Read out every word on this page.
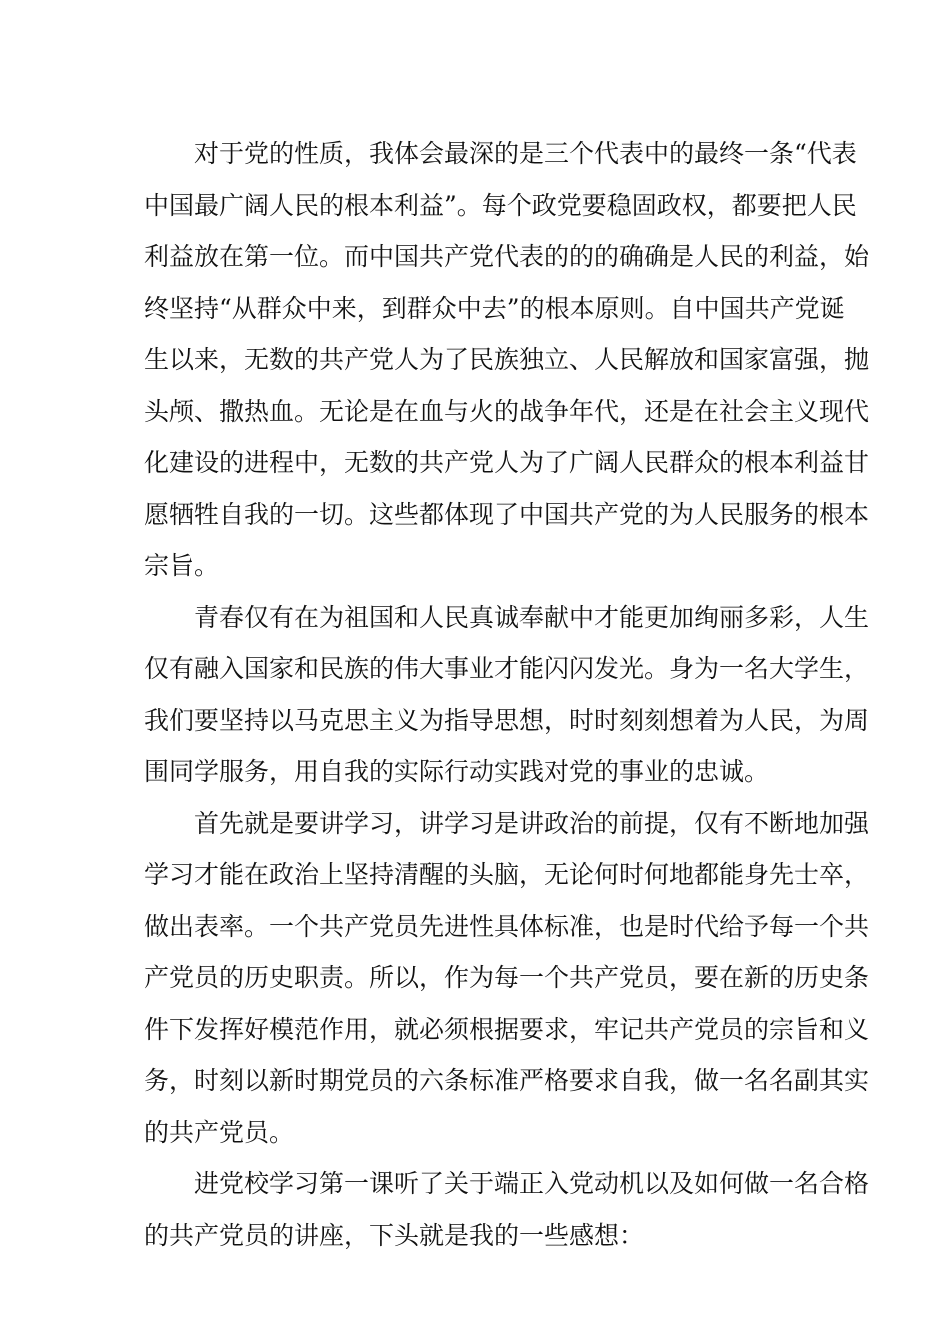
对于党的性质，我体会最深的是三个代表中的最终一条“代表
中国最广阔人民的根本利益”。每个政党要稳固政权，都要把人民
利益放在第一位。而中国共产党代表的的的确确是人民的利益，始
终坚持“从群众中来，到群众中去”的根本原则。自中国共产党诞
生以来，无数的共产党人为了民族独立、人民解放和国家富强，抛
头颅、撒热血。无论是在血与火的战争年代，还是在社会主义现代
化建设的进程中，无数的共产党人为了广阔人民群众的根本利益甘
愿牺牲自我的一切。这些都体现了中国共产党的为人民服务的根本
宗旨。
青春仅有在为祖国和人民真诚奉献中才能更加绚丽多彩，人生
仅有融入国家和民族的伟大事业才能闪闪发光。身为一名大学生，
我们要坚持以马克思主义为指导思想，时时刻刻想着为人民，为周
围同学服务，用自我的实际行动实践对党的事业的忠诚。
首先就是要讲学习，讲学习是讲政治的前提，仅有不断地加强
学习才能在政治上坚持清醒的头脑，无论何时何地都能身先士卒，
做出表率。一个共产党员先进性具体标准，也是时代给予每一个共
产党员的历史职责。所以，作为每一个共产党员，要在新的历史条
件下发挥好模范作用，就必须根据要求，牢记共产党员的宗旨和义
务，时刻以新时期党员的六条标准严格要求自我，做一名名副其实
的共产党员。
进党校学习第一课听了关于端正入党动机以及如何做一名合格
的共产党员的讲座，下头就是我的一些感想：
